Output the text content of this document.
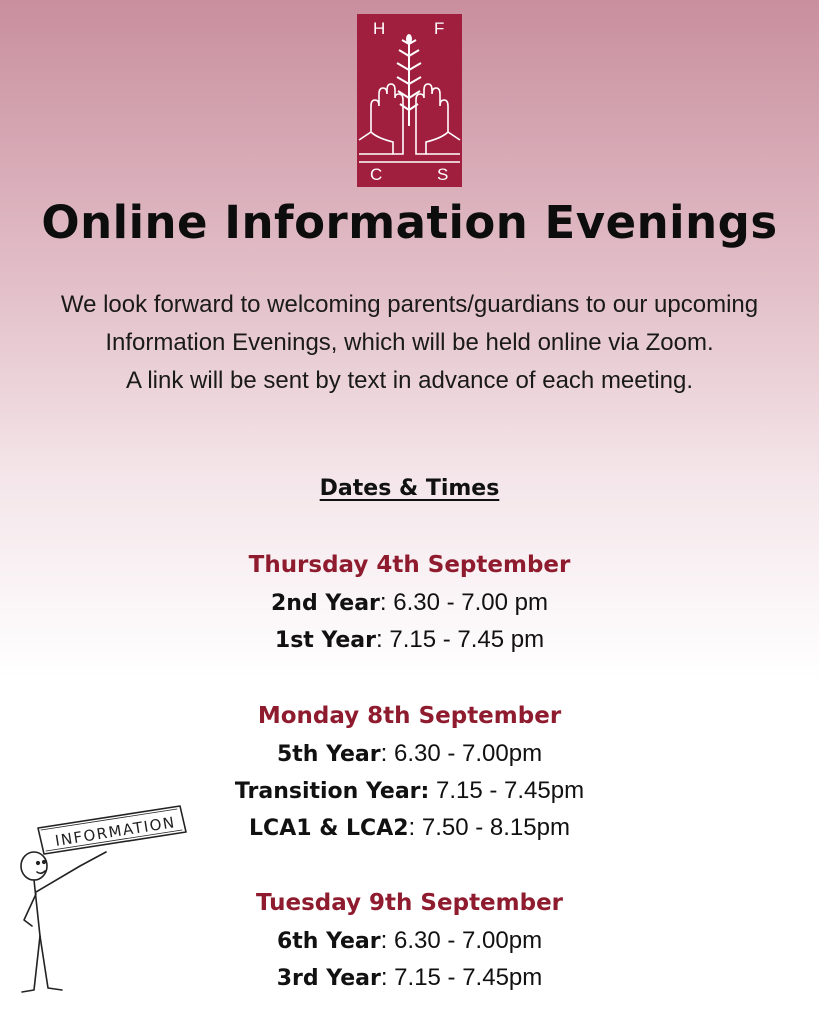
H	F
C	S
Online Information Evenings

We look forward to welcoming parents/guardians to our upcoming Information Evenings, which will be held online via Zoom.

A link will be sent by text in advance of each meeting.

Dates & Times
Thursday 4th September
2nd Year: 6.30 - 7.00 pm
1st Year: 7.15 - 7.45 pm
Monday 8th September
5th Year: 6.30 - 7.00pm
Transition Year: 7.15 - 7.45pm
LCA1 & LCA2: 7.50 - 8.15pm
Tuesday 9th September
6th Year: 6.30 - 7.00pm
3rd Year: 7.15 - 7.45pm
INFORMATION
